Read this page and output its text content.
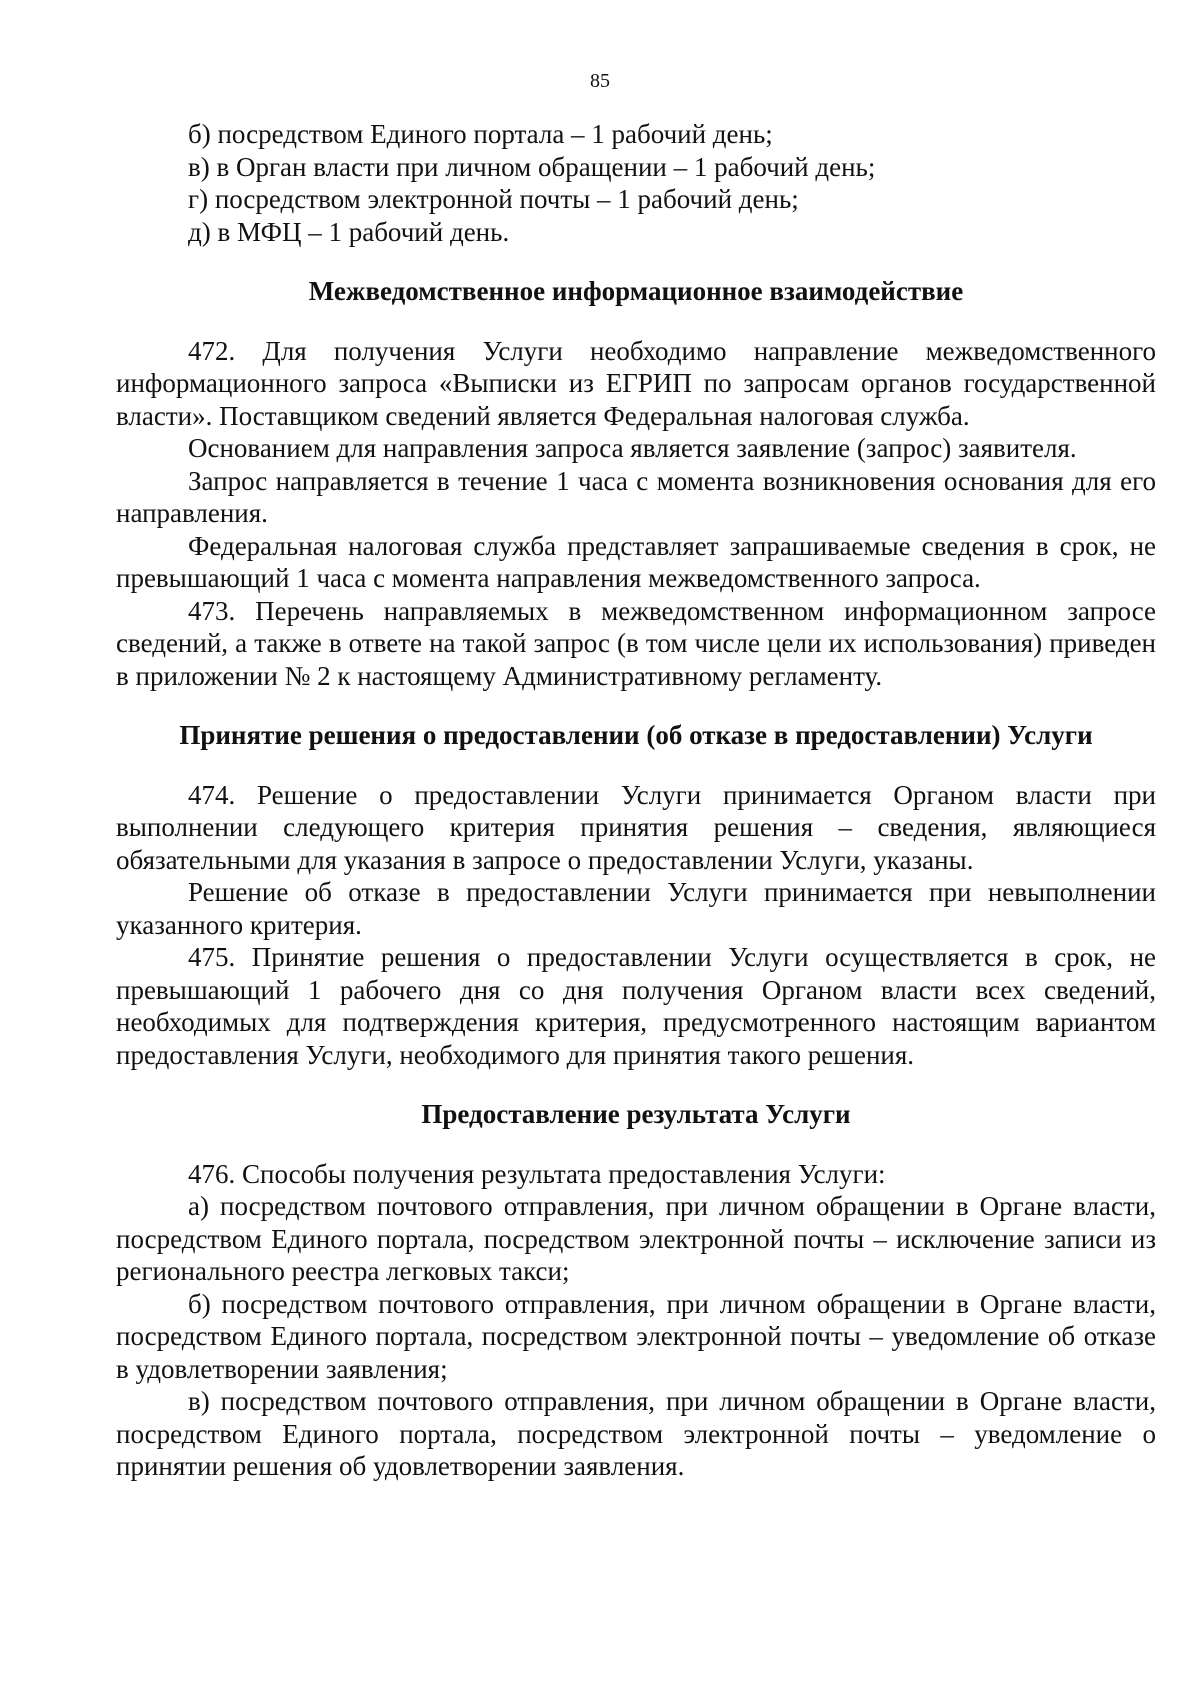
85

б) посредством Единого портала – 1 рабочий день;

в) в Орган власти при личном обращении – 1 рабочий день;

г) посредством электронной почты – 1 рабочий день;

д) в МФЦ – 1 рабочий день.

Межведомственное информационное взаимодействие

472. Для получения Услуги необходимо направление межведомственного информационного запроса «Выписки из ЕГРИП по запросам органов государственной власти». Поставщиком сведений является Федеральная налоговая служба.

Основанием для направления запроса является заявление (запрос) заявителя.

Запрос направляется в течение 1 часа с момента возникновения основания для его направления.

Федеральная налоговая служба представляет запрашиваемые сведения в срок, не превышающий 1 часа с момента направления межведомственного запроса.

473. Перечень направляемых в межведомственном информационном запросе сведений, а также в ответе на такой запрос (в том числе цели их использования) приведен в приложении № 2 к настоящему Административному регламенту.

Принятие решения о предоставлении (об отказе в предоставлении) Услуги

474. Решение о предоставлении Услуги принимается Органом власти при выполнении следующего критерия принятия решения – сведения, являющиеся обязательными для указания в запросе о предоставлении Услуги, указаны.

Решение об отказе в предоставлении Услуги принимается при невыполнении указанного критерия.

475. Принятие решения о предоставлении Услуги осуществляется в срок, не превышающий 1 рабочего дня со дня получения Органом власти всех сведений, необходимых для подтверждения критерия, предусмотренного настоящим вариантом предоставления Услуги, необходимого для принятия такого решения.

Предоставление результата Услуги

476. Способы получения результата предоставления Услуги:

а) посредством почтового отправления, при личном обращении в Органе власти, посредством Единого портала, посредством электронной почты – исключение записи из регионального реестра легковых такси;

б) посредством почтового отправления, при личном обращении в Органе власти, посредством Единого портала, посредством электронной почты – уведомление об отказе в удовлетворении заявления;

в) посредством почтового отправления, при личном обращении в Органе власти, посредством Единого портала, посредством электронной почты – уведомление о принятии решения об удовлетворении заявления.
